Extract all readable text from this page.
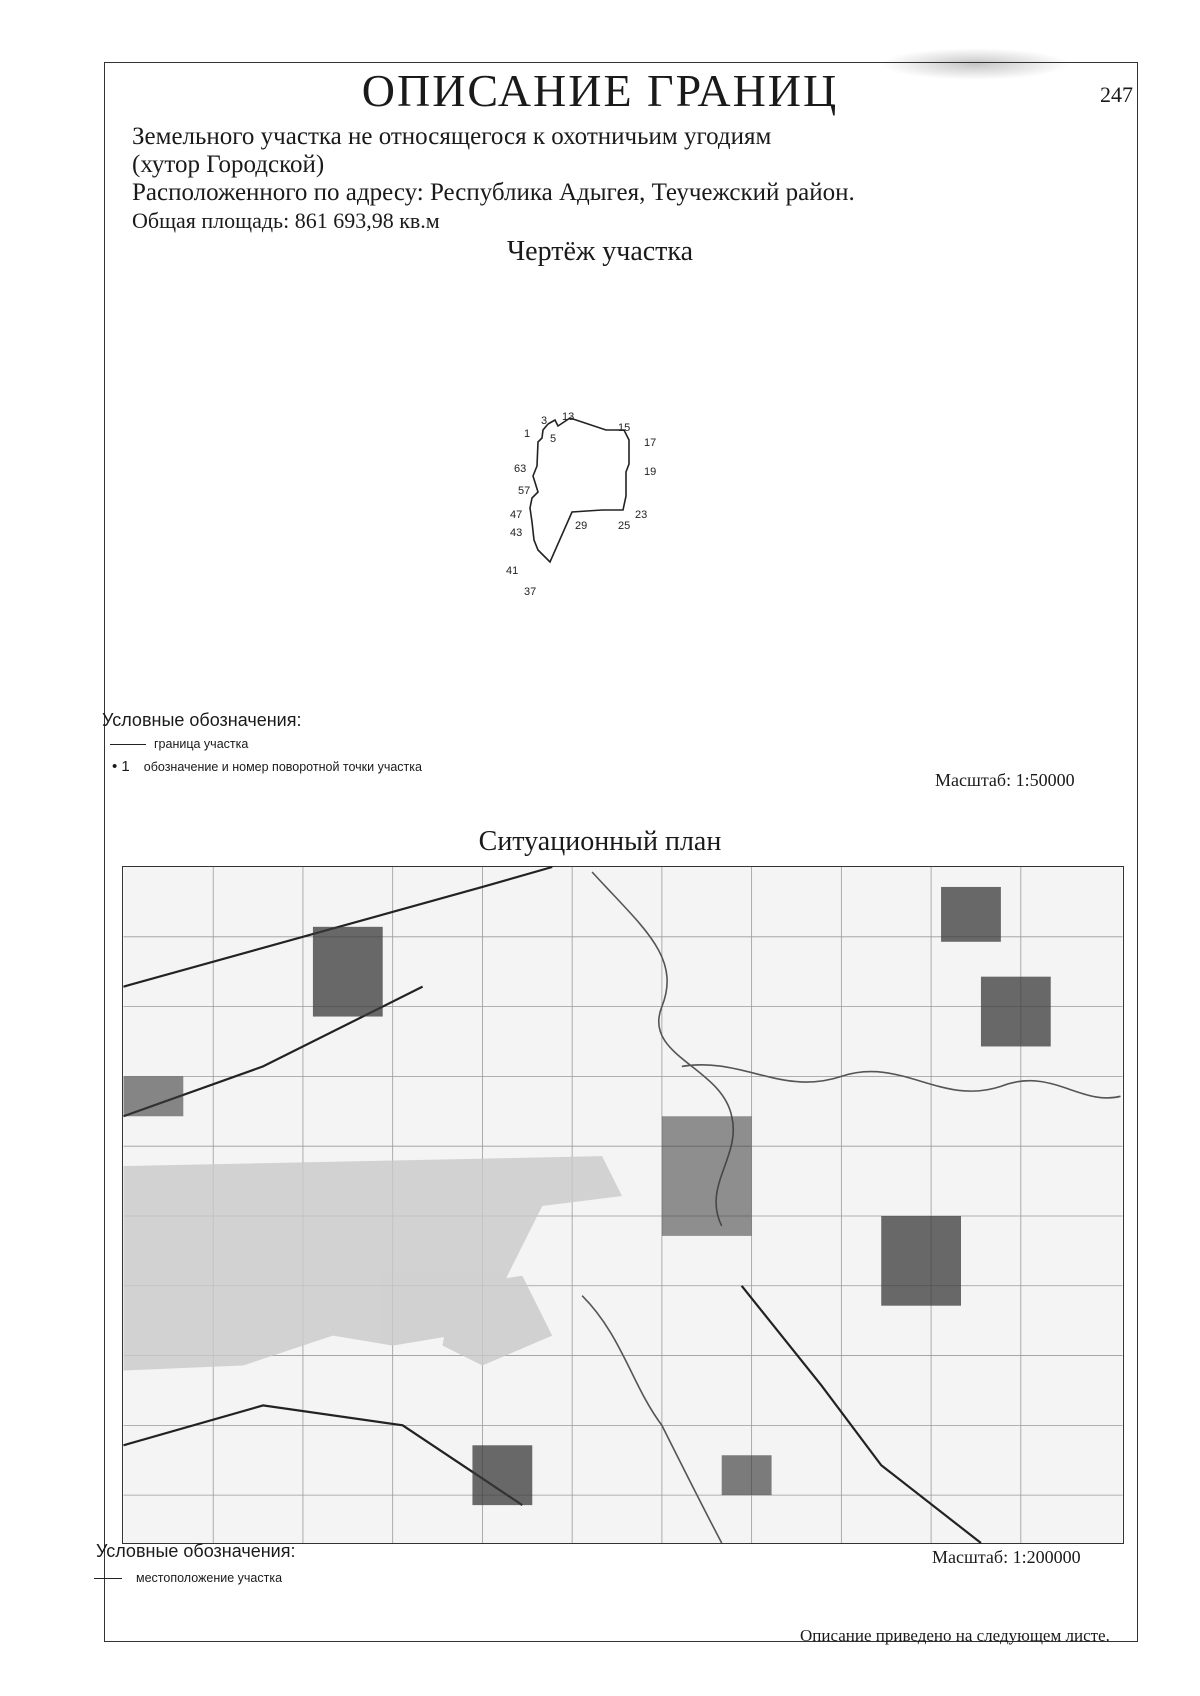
ОПИСАНИЕ ГРАНИЦ	247
Земельного участка не относящегося к охотничьим угодиям
(хутор Городской)
Расположенного по адресу: Республика Адыгея, Теучежский район.
Общая площадь: 861 693,98 кв.м
Чертёж участка
1
3
5
13
15
17
19
23
25
29
37
41
43
47
57
63
Условные обозначения:
граница участка
• 1 обозначение и номер поворотной точки участка
Масштаб: 1:50000
Ситуационный план
Условные обозначения:
местоположение участка
Масштаб: 1:200000
Описание приведено на следующем листе.
